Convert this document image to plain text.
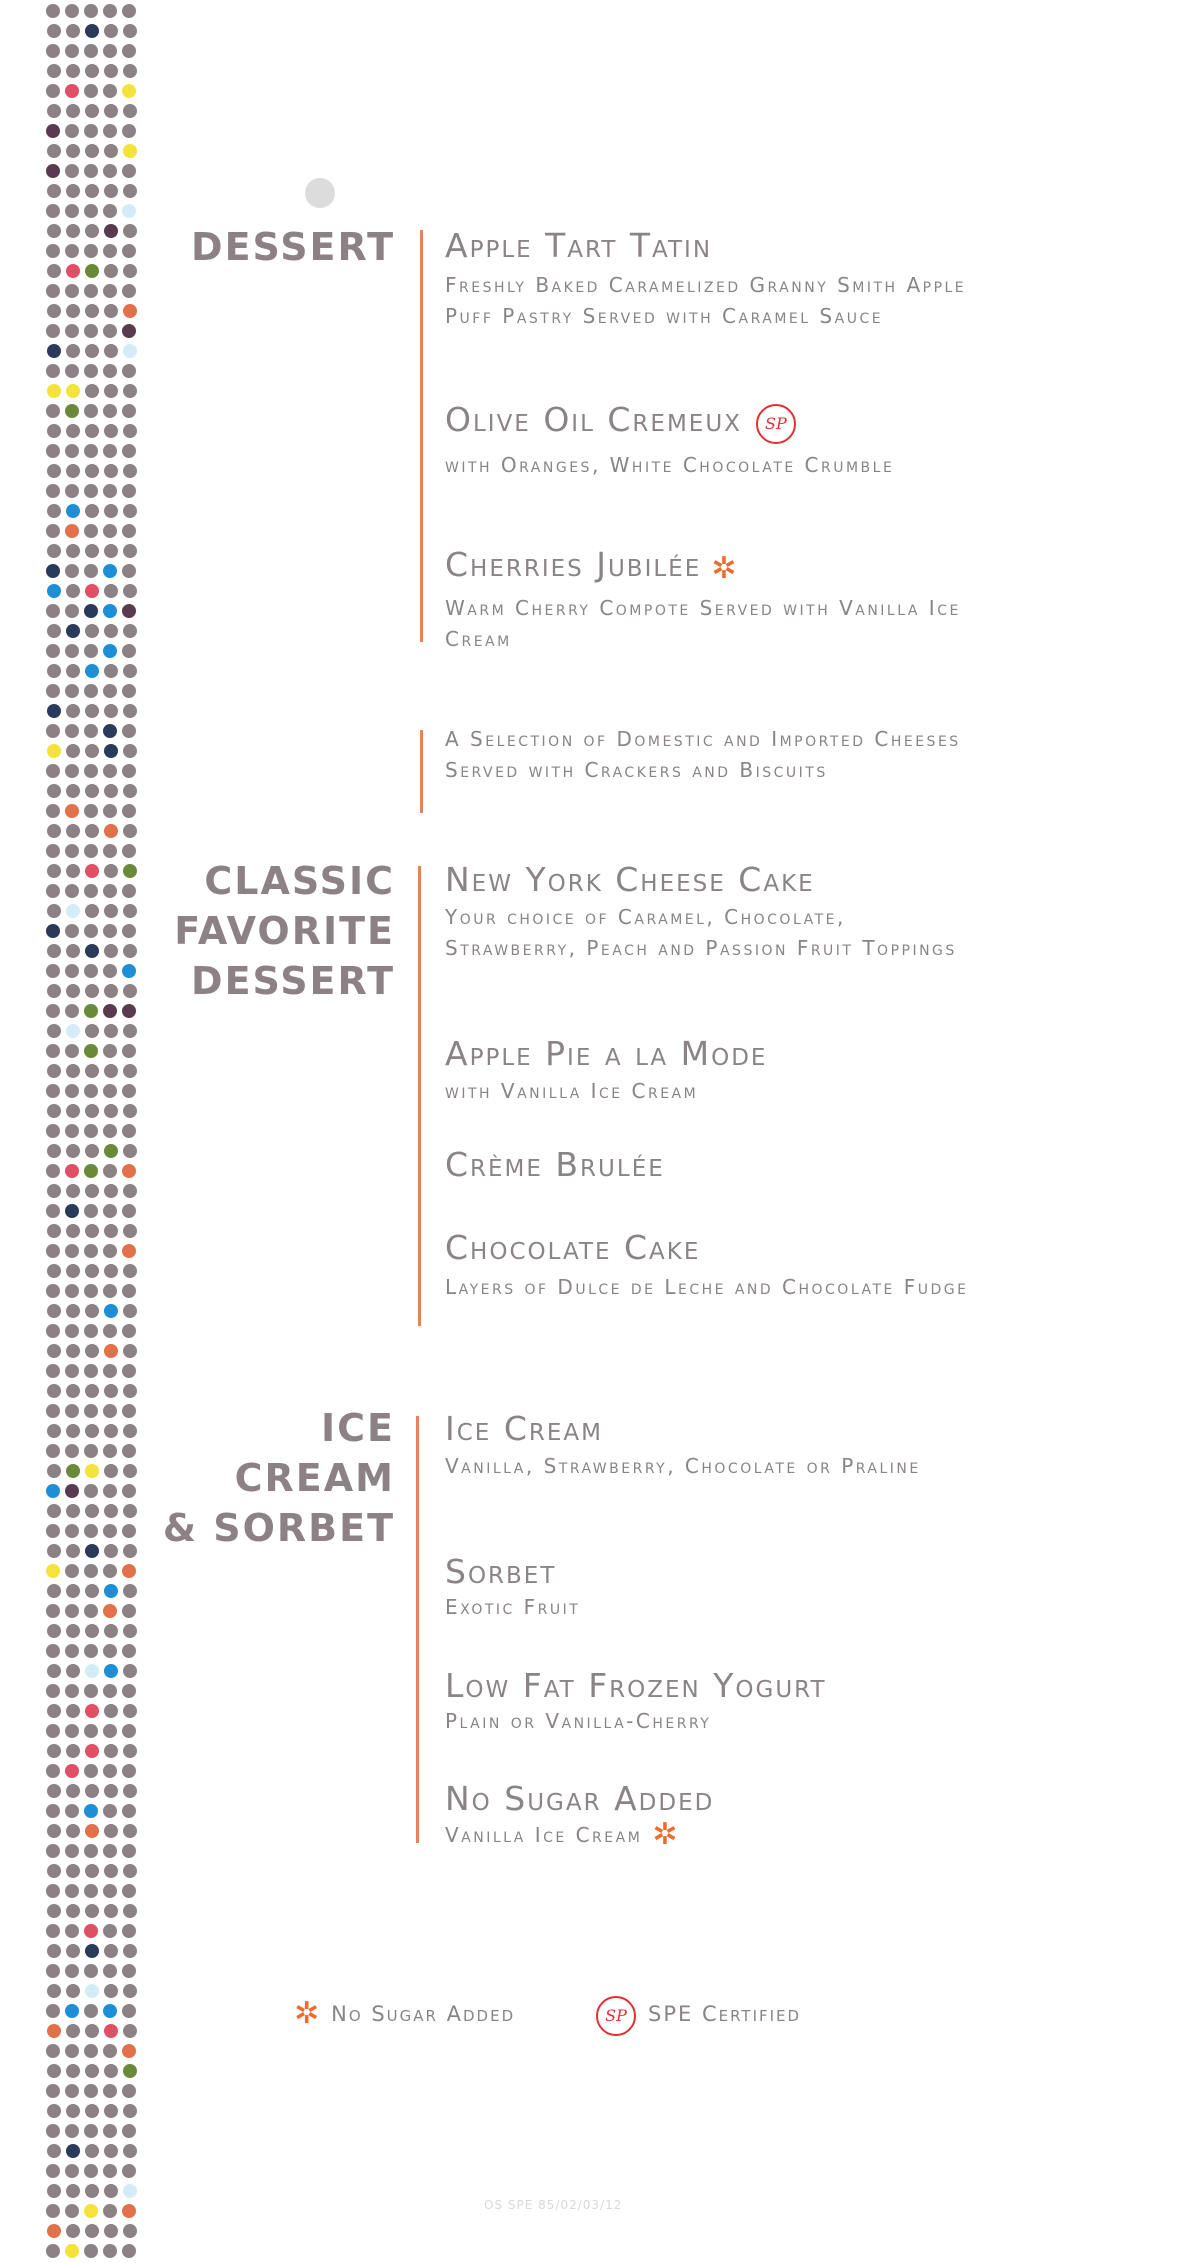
DESSERT Apple Tart Tatin
Freshly Baked Caramelized Granny Smith Apple Puff Pastry Served with Caramel Sauce
Olive Oil Cremeux SP
with Oranges, White Chocolate Crumble
Cherries Jubilée ✲
Warm Cherry Compote Served with Vanilla Ice Cream
A Selection of Domestic and Imported Cheeses Served with Crackers and Biscuits
CLASSIC
FAVORITE
DESSERT
New York Cheese Cake
Your choice of Caramel, Chocolate, Strawberry, Peach and Passion Fruit Toppings
Apple Pie a la Mode
with Vanilla Ice Cream
Crème Brulée
Chocolate Cake
Layers of Dulce de Leche and Chocolate Fudge
ICE
CREAM
& SORBET
Ice Cream
Vanilla, Strawberry, Chocolate or Praline
Sorbet
Exotic Fruit
Low Fat Frozen Yogurt
Plain or Vanilla-Cherry
No Sugar Added
Vanilla Ice Cream ✲
✲ No Sugar Added	SP SPE Certified
OS SPE 85/02/03/12
